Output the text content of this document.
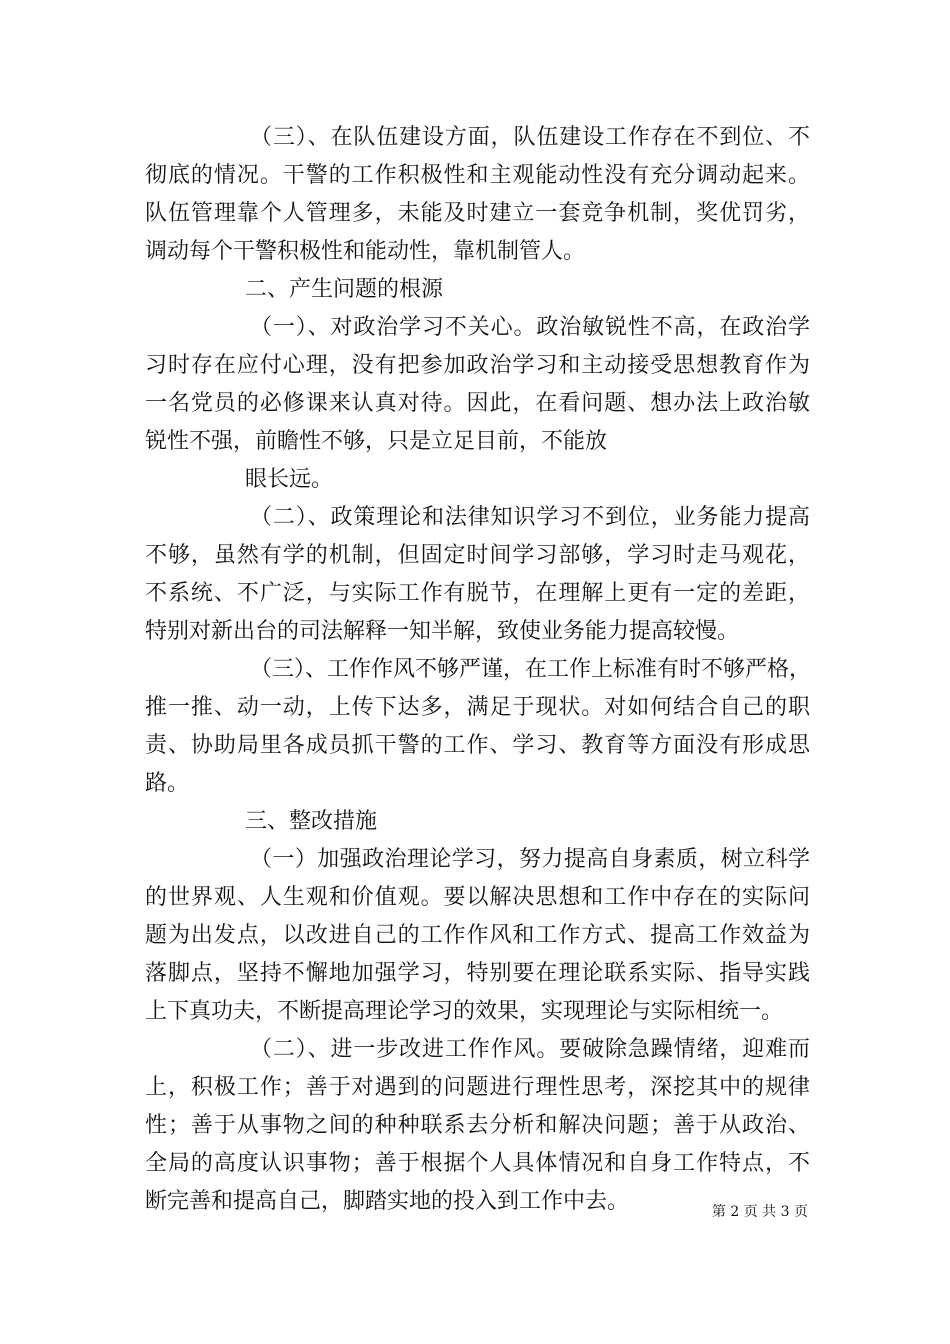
（三）、在队伍建设方面，队伍建设工作存在不到位、不
彻底的情况。干警的工作积极性和主观能动性没有充分调动起来。
队伍管理靠个人管理多，未能及时建立一套竞争机制，奖优罚劣，
调动每个干警积极性和能动性，靠机制管人。
二、产生问题的根源
（一）、对政治学习不关心。政治敏锐性不高，在政治学
习时存在应付心理，没有把参加政治学习和主动接受思想教育作为
一名党员的必修课来认真对待。因此，在看问题、想办法上政治敏
锐性不强，前瞻性不够，只是立足目前，不能放
眼长远。
（二）、政策理论和法律知识学习不到位，业务能力提高
不够，虽然有学的机制，但固定时间学习部够，学习时走马观花，
不系统、不广泛，与实际工作有脱节，在理解上更有一定的差距，
特别对新出台的司法解释一知半解，致使业务能力提高较慢。
（三）、工作作风不够严谨，在工作上标准有时不够严格，
推一推、动一动，上传下达多，满足于现状。对如何结合自己的职
责、协助局里各成员抓干警的工作、学习、教育等方面没有形成思
路。
三、整改措施
（一）加强政治理论学习，努力提高自身素质，树立科学
的世界观、人生观和价值观。要以解决思想和工作中存在的实际问
题为出发点，以改进自己的工作作风和工作方式、提高工作效益为
落脚点，坚持不懈地加强学习，特别要在理论联系实际、指导实践
上下真功夫，不断提高理论学习的效果，实现理论与实际相统一。
（二）、进一步改进工作作风。要破除急躁情绪，迎难而
上，积极工作；善于对遇到的问题进行理性思考，深挖其中的规律
性；善于从事物之间的种种联系去分析和解决问题；善于从政治、
全局的高度认识事物；善于根据个人具体情况和自身工作特点，不
断完善和提高自己，脚踏实地的投入到工作中去。	第 2 页 共 3 页
